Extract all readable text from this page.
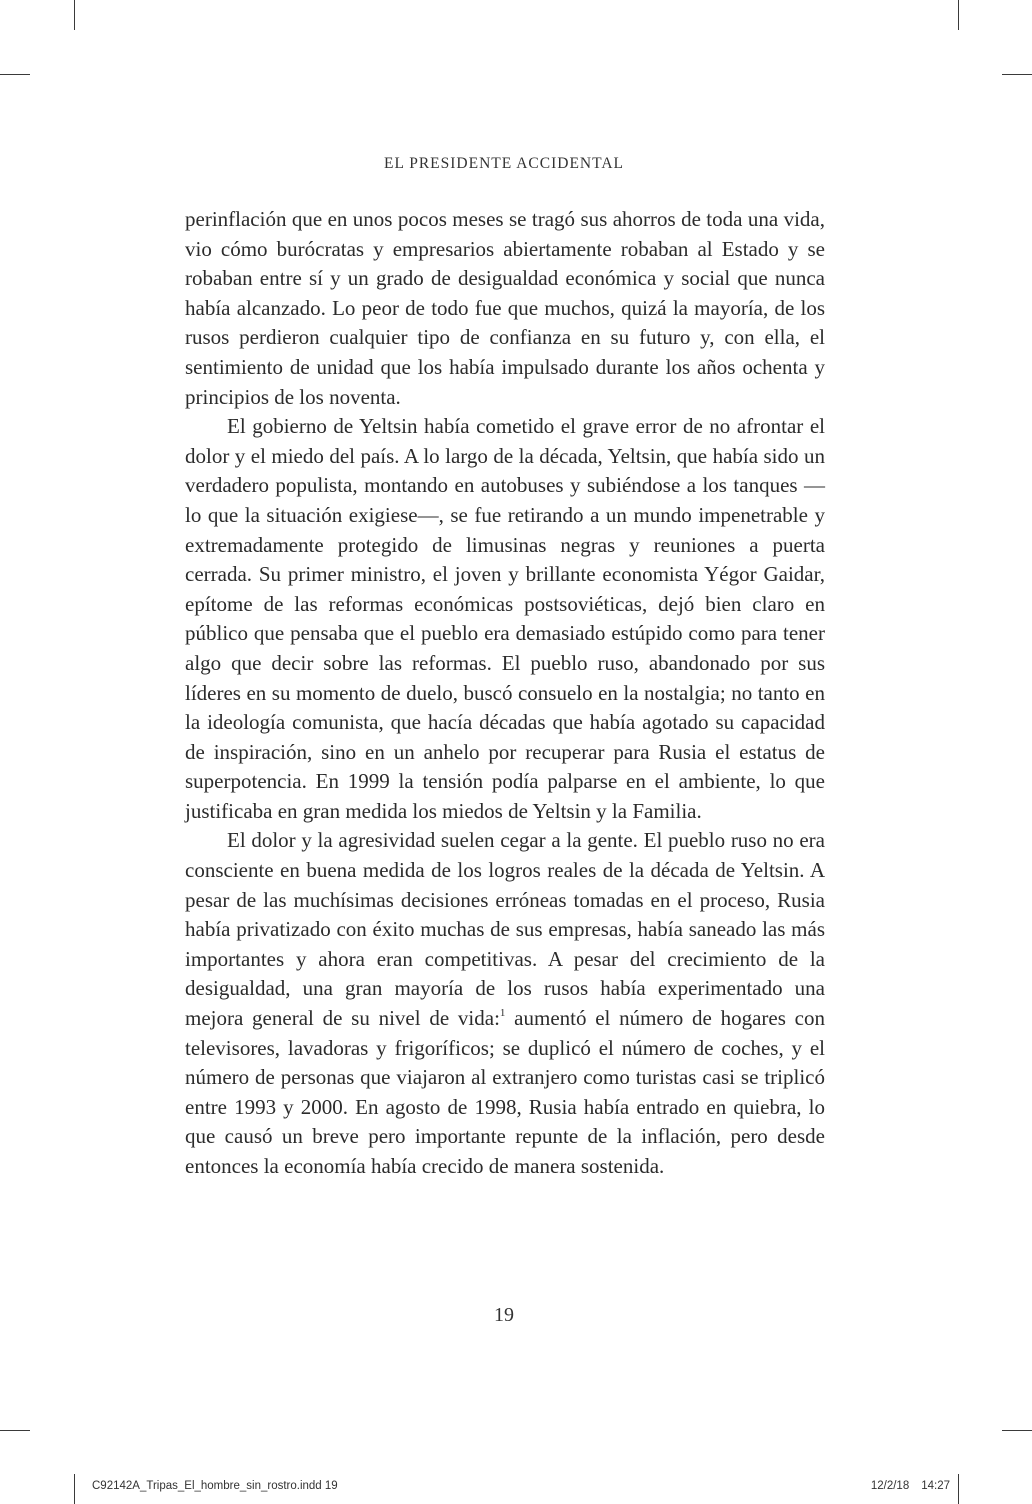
EL PRESIDENTE ACCIDENTAL

perinflación que en unos pocos meses se tragó sus ahorros de toda una vida, vio cómo burócratas y empresarios abiertamente robaban al Estado y se robaban entre sí y un grado de desigualdad económica y social que nunca había alcanzado. Lo peor de todo fue que muchos, quizá la mayoría, de los rusos perdieron cualquier tipo de confianza en su futuro y, con ella, el sentimiento de unidad que los había impulsado durante los años ochenta y principios de los noventa.

El gobierno de Yeltsin había cometido el grave error de no afrontar el dolor y el miedo del país. A lo largo de la década, Yeltsin, que había sido un verdadero populista, montando en autobuses y subiéndose a los tanques —lo que la situación exigiese—, se fue retirando a un mundo impenetrable y extremadamente protegido de limusinas negras y reuniones a puerta cerrada. Su primer ministro, el joven y brillante economista Yégor Gaidar, epítome de las reformas económicas postsoviéticas, dejó bien claro en público que pensaba que el pueblo era demasiado estúpido como para tener algo que decir sobre las reformas. El pueblo ruso, abandonado por sus líderes en su momento de duelo, buscó consuelo en la nostalgia; no tanto en la ideología comunista, que hacía décadas que había agotado su capacidad de inspiración, sino en un anhelo por recuperar para Rusia el estatus de superpotencia. En 1999 la tensión podía palparse en el ambiente, lo que justificaba en gran medida los miedos de Yeltsin y la Familia.

El dolor y la agresividad suelen cegar a la gente. El pueblo ruso no era consciente en buena medida de los logros reales de la década de Yeltsin. A pesar de las muchísimas decisiones erróneas tomadas en el proceso, Rusia había privatizado con éxito muchas de sus empresas, había saneado las más importantes y ahora eran competitivas. A pesar del crecimiento de la desigualdad, una gran mayoría de los rusos había experimentado una mejora general de su nivel de vida:$^1$ aumentó el número de hogares con televisores, lavadoras y frigoríficos; se duplicó el número de coches, y el número de personas que viajaron al extranjero como turistas casi se triplicó entre 1993 y 2000. En agosto de 1998, Rusia había entrado en quiebra, lo que causó un breve pero importante repunte de la inflación, pero desde entonces la economía había crecido de manera sostenida.

19
C92142A_Tripas_El_hombre_sin_rostro.indd 19	12/2/18 14:27
